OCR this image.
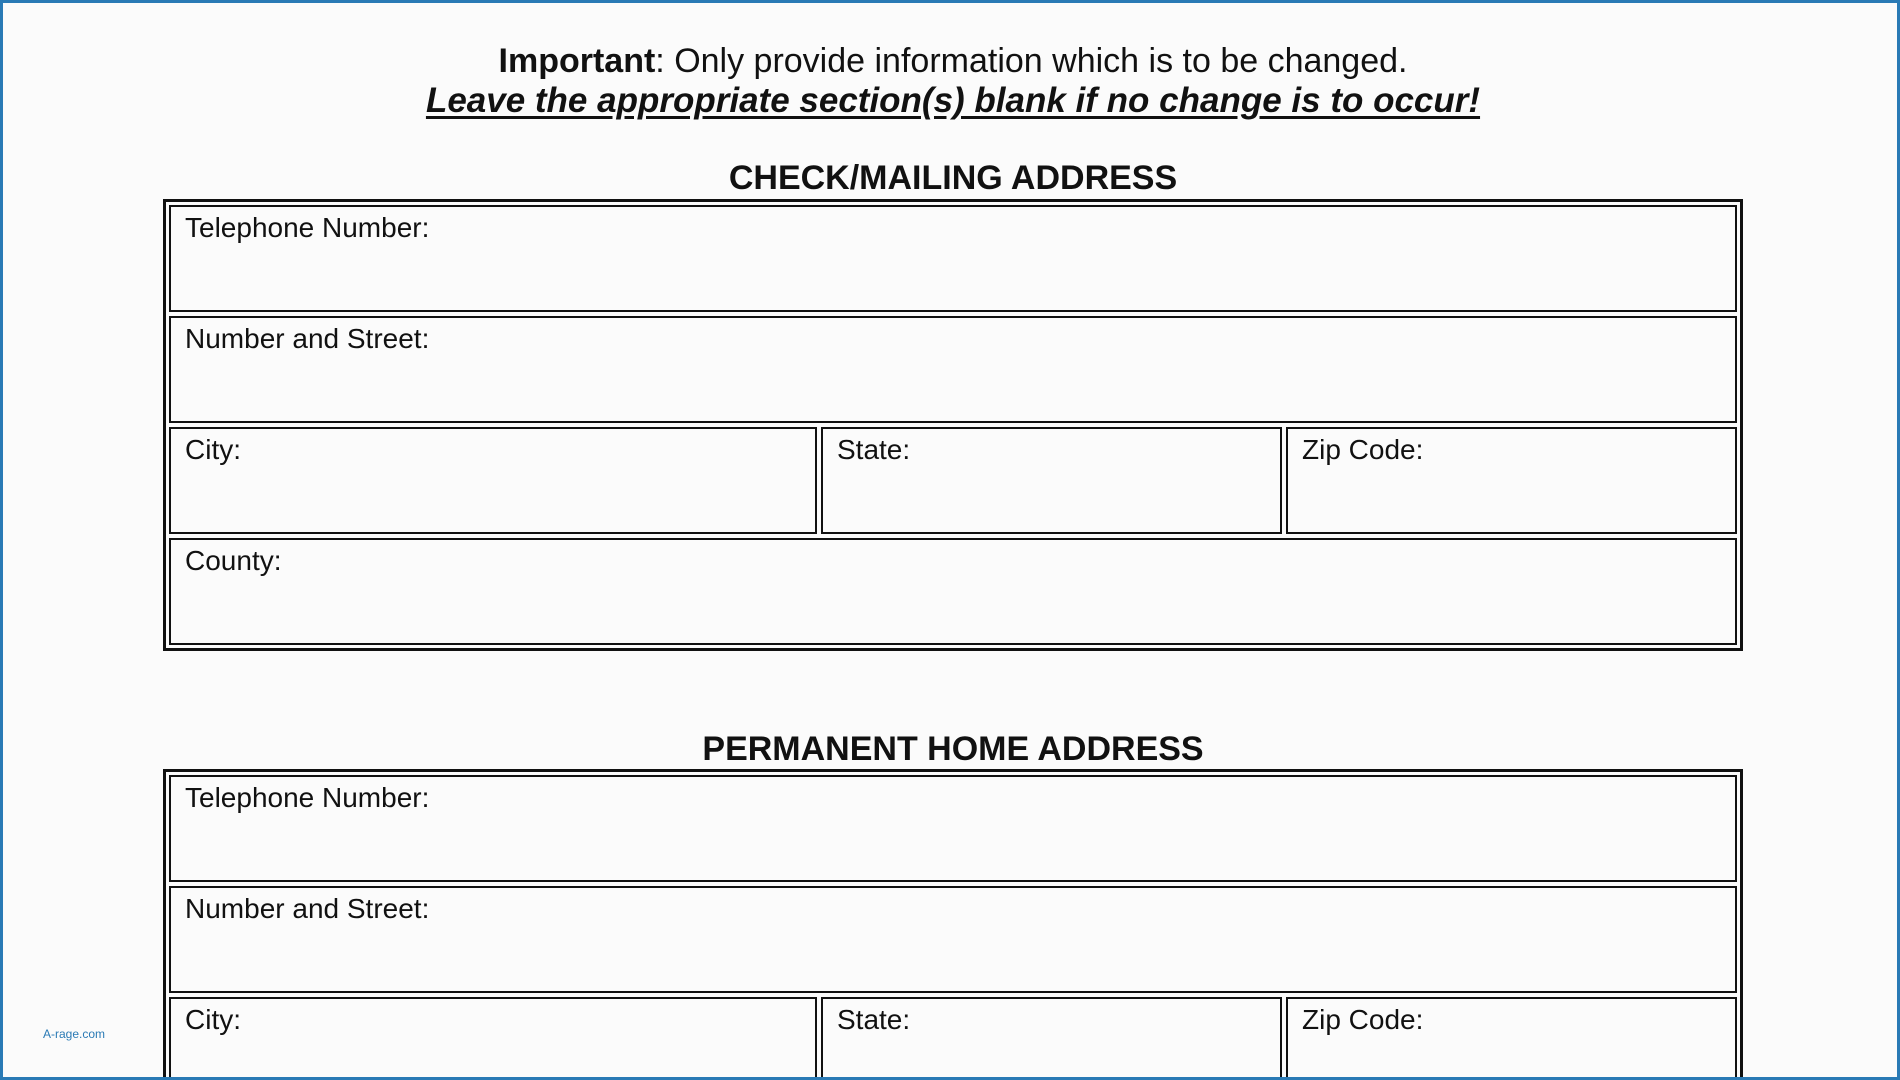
Important: Only provide information which is to be changed.
Leave the appropriate section(s) blank if no change is to occur!
CHECK/MAILING ADDRESS
Telephone Number:
Number and Street:
City:	State:	Zip Code:
County:
PERMANENT HOME ADDRESS
Telephone Number:
Number and Street:
City:	State:	Zip Code:
A-rage.com
